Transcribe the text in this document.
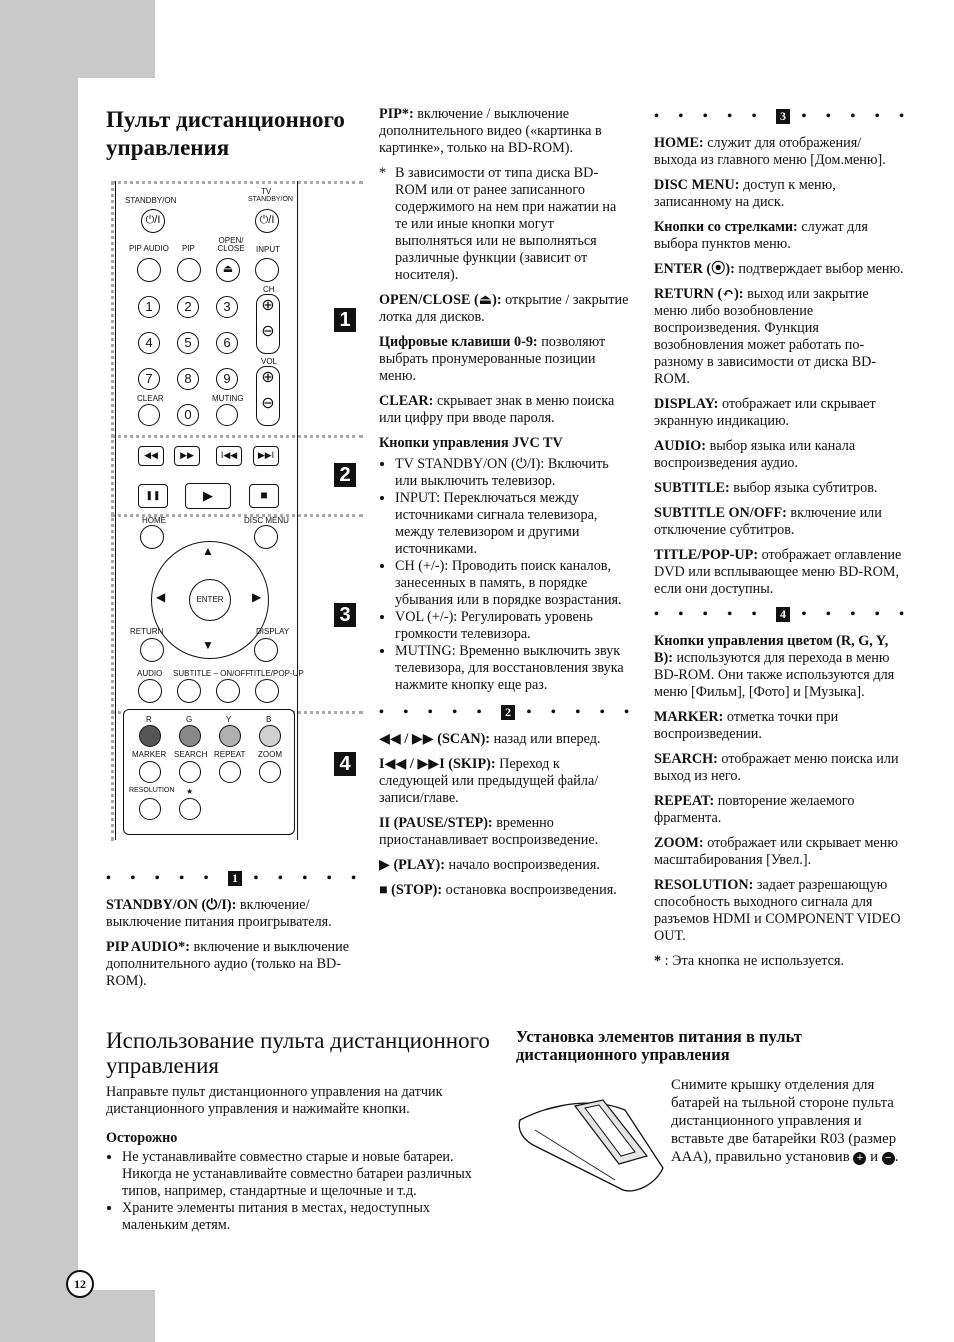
12
Пульт дистанционного управления
STANDBY/ON
⏻/I
TV
STANDBY/ON
⏻/I
PIP AUDIO PIP
OPEN/ CLOSE	INPUT
⏏
CH
⊕
⊖
VOL
⊕
⊖
1	2	3
4	5	6
7	8	9
CLEAR
0
MUTING
◀◀	▶▶	I◀◀	▶▶I
❚❚	▶	■
HOME	DISC MENU
▲
▼
◀	▶
ENTER
RETURN	DISPLAY
AUDIO SUBTITLE – ON/OFF
TITLE/POP-UP
R	G	Y	B
MARKER SEARCH REPEAT ZOOM
RESOLUTION ★
1
2
3
4
• • • • • 1 • • • • •

STANDBY/ON (⏻/I): включение/ выключение питания проигрывателя.

PIP AUDIO*: включение и выключение дополнительного аудио (только на BD-ROM).

PIP*: включение / выключение дополнительного видео («картинка в картинке», только на BD-ROM).

* В зависимости от типа диска BD-ROM или от ранее записанного содержимого на нем при нажатии на те или иные кнопки могут выполняться или не выполняться различные функции (зависит от носителя).

OPEN/CLOSE (⏏): открытие / закрытие лотка для дисков.

Цифровые клавиши 0-9: позволяют выбрать пронумерованные позиции меню.

CLEAR: скрывает знак в меню поиска или цифру при вводе пароля.

Кнопки управления JVC TV

• TV STANDBY/ON (⏻/I): Включить или выключить телевизор.
• INPUT: Переключаться между источниками сигнала телевизора, между телевизором и другими источниками.
• CH (+/-): Проводить поиск каналов, занесенных в память, в порядке убывания или в порядке возрастания.
• VOL (+/-): Регулировать уровень громкости телевизора.
• MUTING: Временно выключить звук телевизора, для восстановления звука нажмите кнопку еще раз.
• • • • • 2 • • • • •

◀◀ / ▶▶ (SCAN): назад или вперед.

I◀◀ / ▶▶I (SKIP): Переход к следующей или предыдущей файла/записи/главе.

II (PAUSE/STEP): временно приостанавливает воспроизведение.

▶ (PLAY): начало воспроизведения.

■ (STOP): остановка воспроизведения.

• • • • • 3 • • • • •

HOME: служит для отображения/выхода из главного меню [Дом.меню].

DISC MENU: доступ к меню, записанному на диск.

Кнопки со стрелками: служат для выбора пунктов меню.

ENTER (⦿): подтверждает выбор меню.

RETURN (↶): выход или закрытие меню либо возобновление воспроизведения. Функция возобновления может работать по-разному в зависимости от диска BD-ROM.

DISPLAY: отображает или скрывает экранную индикацию.

AUDIO: выбор языка или канала воспроизведения аудио.

SUBTITLE: выбор языка субтитров.

SUBTITLE ON/OFF: включение или отключение субтитров.

TITLE/POP-UP: отображает оглавление DVD или всплывающее меню BD-ROM, если они доступны.

• • • • • 4 • • • • •

Кнопки управления цветом (R, G, Y, B): используются для перехода в меню BD-ROM. Они также используются для меню [Фильм], [Фото] и [Музыка].

MARKER: отметка точки при воспроизведении.

SEARCH: отображает меню поиска или выход из него.

REPEAT: повторение желаемого фрагмента.

ZOOM: отображает или скрывает меню масштабирования [Увел.].

RESOLUTION: задает разрешающую способность выходного сигнала для разъемов HDMI и COMPONENT VIDEO OUT.

* : Эта кнопка не используется.

Использование пульта дистанционного управления

Направьте пульт дистанционного управления на датчик дистанционного управления и нажимайте кнопки.

Осторожно

• Не устанавливайте совместно старые и новые батареи. Никогда не устанавливайте совместно батареи различных типов, например, стандартные и щелочные и т.д.
• Храните элементы питания в местах, недоступных маленьким детям.
Установка элементов питания в пульт дистанционного управления
Снимите крышку отделения для батарей на тыльной стороне пульта дистанционного управления и вставьте две батарейки R03 (размер AAA), правильно установив + и − .
